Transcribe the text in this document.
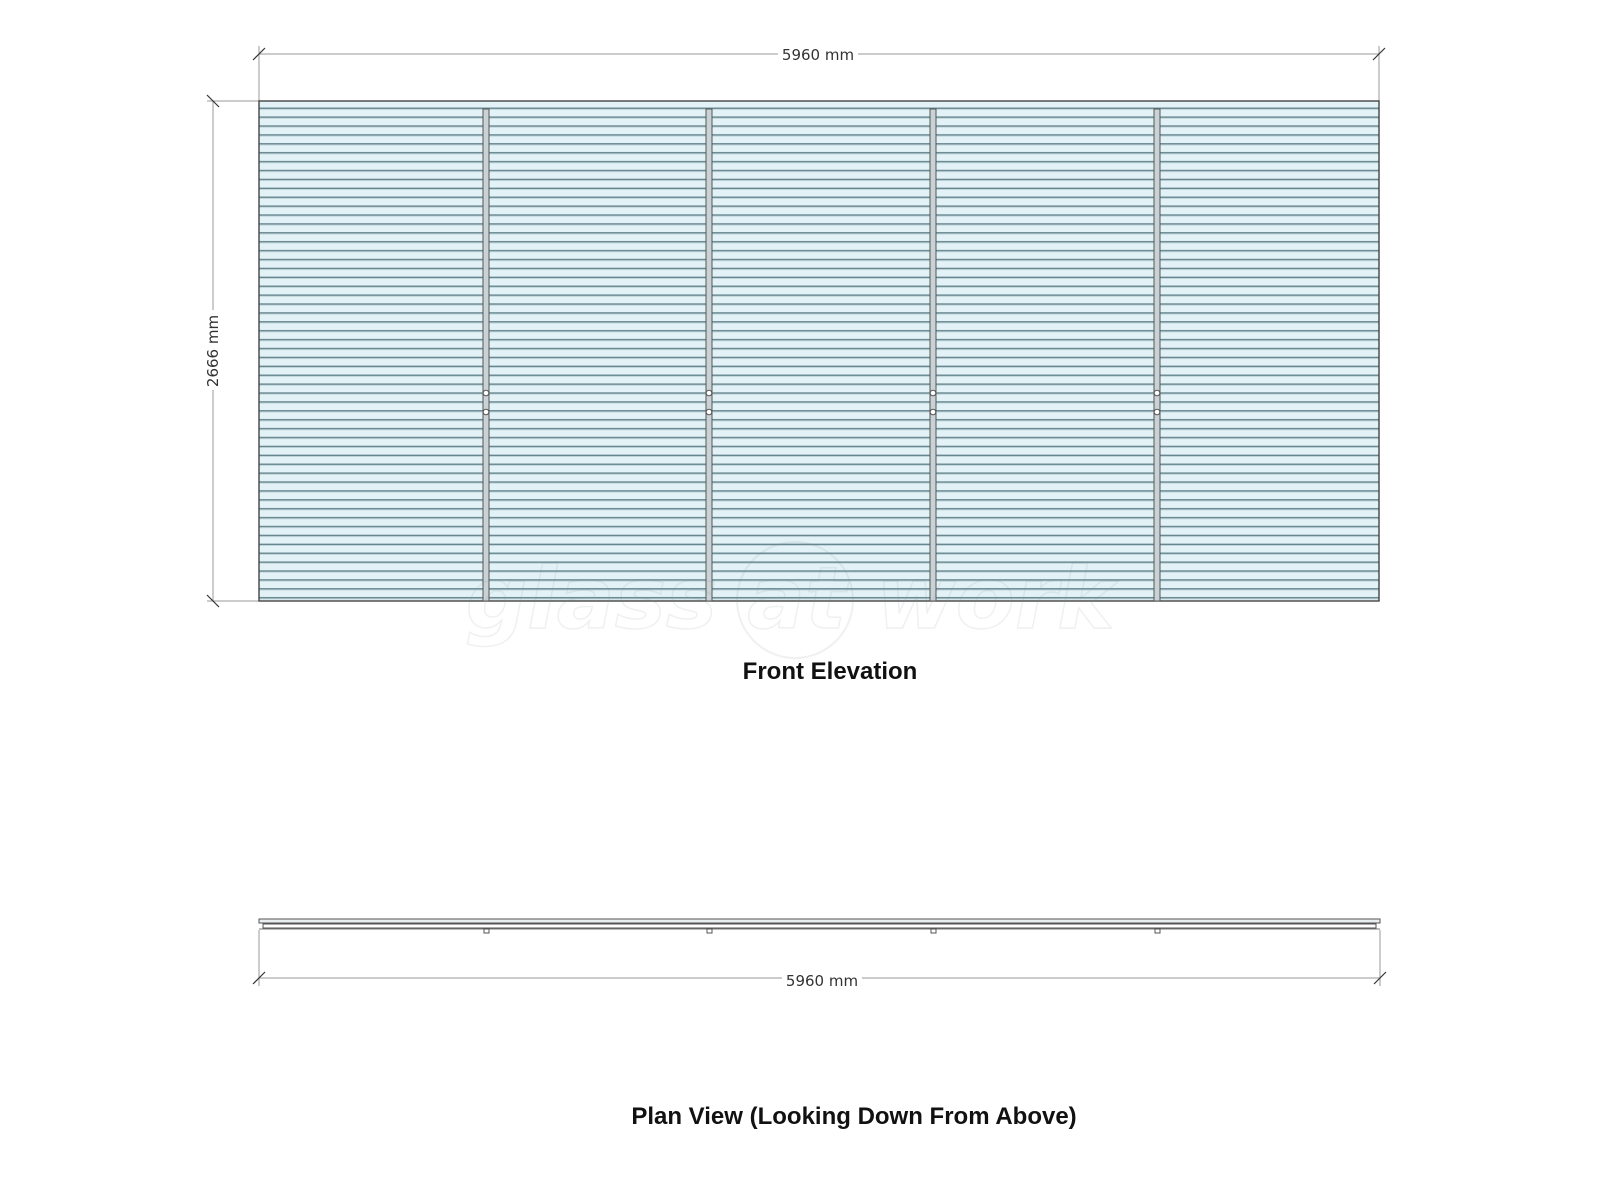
5960 mm
2666 mm
glass at work
Front Elevation
5960 mm
Plan View (Looking Down From Above)
